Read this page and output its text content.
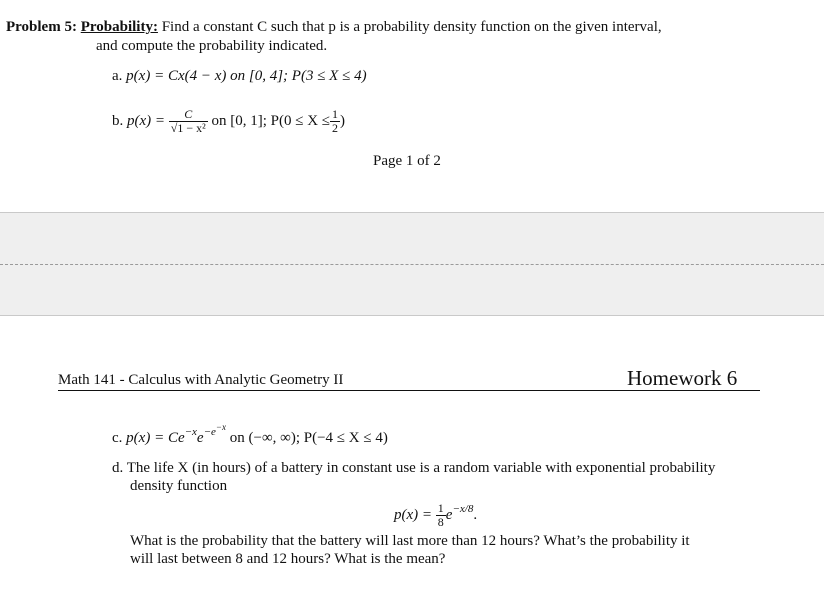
Problem 5: Probability: Find a constant C such that p is a probability density function on the given interval,
and compute the probability indicated.
a. p(x) = Cx(4 − x) on [0, 4]; P(3 ≤ X ≤ 4)
b. $p(x) = \frac{C}{\text{√1 − x²}}$ on [0, 1]; $P(0 \le X \le \frac{1}{2}$ )
Page 1 of 2
Math 141 - Calculus with Analytic Geometry II	Homework 6
c. $p(x) = Ce^{-x}e^{-e-x}$ on (−∞, ∞); P(−4 ≤ X ≤ 4)
d. The life X (in hours) of a battery in constant use is a random variable with exponential probability
density function
$p(x) = \frac{1}{8} e^{-x/8}$.
What is the probability that the battery will last more than 12 hours? What’s the probability it
will last between 8 and 12 hours? What is the mean?
